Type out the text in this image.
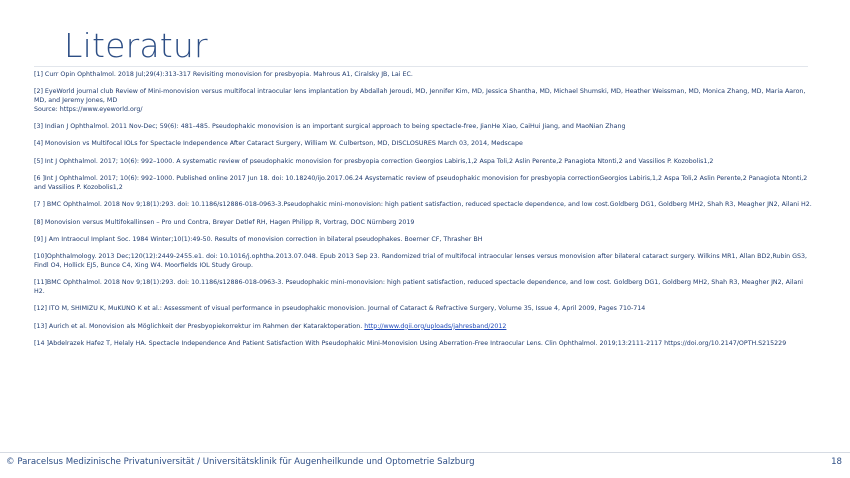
Literatur
[1] Curr Opin Ophthalmol. 2018 Jul;29(4):313-317 Revisiting monovision for presbyopia. Mahrous A1, Ciralsky JB, Lai EC.
[2] EyeWorld journal club Review of Mini-monovision versus multifocal intraocular lens implantation by Abdallah Jeroudi, MD, Jennifer Kim, MD, Jessica Shantha, MD, Michael Shumski, MD, Heather Weissman, MD, Monica Zhang, MD, Maria Aaron, MD, and Jeremy Jones, MD
Source: https://www.eyeworld.org/
[3] Indian J Ophthalmol. 2011 Nov-Dec; 59(6): 481–485. Pseudophakic monovision is an important surgical approach to being spectacle-free, JianHe Xiao, CaiHui Jiang, and MaoNian Zhang
[4] Monovision vs Multifocal IOLs for Spectacle Independence After Cataract Surgery, William W. Culbertson, MD, DISCLOSURES March 03, 2014, Medscape
[5] Int J Ophthalmol. 2017; 10(6): 992–1000. A systematic review of pseudophakic monovision for presbyopia correction Georgios Labiris,1,2 Aspa Toli,2 Aslin Perente,2 Panagiota Ntonti,2 and Vassilios P. Kozobolis1,2
[6 ]Int J Ophthalmol. 2017; 10(6): 992–1000. Published online 2017 Jun 18. doi: 10.18240/ijo.2017.06.24 Asystematic review of pseudophakic monovision for presbyopia correctionGeorgios Labiris,1,2 Aspa Toli,2 Aslin Perente,2 Panagiota Ntonti,2 and Vassilios P. Kozobolis1,2
[7 ] BMC Ophthalmol. 2018 Nov 9;18(1):293. doi: 10.1186/s12886-018-0963-3.Pseudophakic mini-monovision: high patient satisfaction, reduced spectacle dependence, and low cost.Goldberg DG1, Goldberg MH2, Shah R3, Meagher JN2, Ailani H2.
[8] Monovision versus Multifokallinsen – Pro und Contra, Breyer Detlef RH, Hagen Philipp R, Vortrag, DOC Nürnberg 2019
[9] J Am Intraocul Implant Soc. 1984 Winter;10(1):49-50. Results of monovision correction in bilateral pseudophakes. Boerner CF, Thrasher BH
[10]Ophthalmology. 2013 Dec;120(12):2449-2455.e1. doi: 10.1016/j.ophtha.2013.07.048. Epub 2013 Sep 23. Randomized trial of multifocal intraocular lenses versus monovision after bilateral cataract surgery. Wilkins MR1, Allan BD2,Rubin GS3, Findl O4, Hollick EJ5, Bunce C4, Xing W4. Moorfields IOL Study Group.
[11]BMC Ophthalmol. 2018 Nov 9;18(1):293. doi: 10.1186/s12886-018-0963-3. Pseudophakic mini-monovision: high patient satisfaction, reduced spectacle dependence, and low cost. Goldberg DG1, Goldberg MH2, Shah R3, Meagher JN2, Ailani H2.
[12] ITO M, SHIMIZU K, MuKUNO K et al.: Assessment of visual performance in pseudophakic monovision. Journal of Cataract & Refractive Surgery, Volume 35, Issue 4, April 2009, Pages 710-714
[13] Aurich et al. Monovision als Möglichkeit der Presbyopiekorrektur im Rahmen der Kataraktoperation. http://www.dgii.org/uploads/jahresband/2012
[14 ]Abdelrazek Hafez T, Helaly HA. Spectacle Independence And Patient Satisfaction With Pseudophakic Mini-Monovision Using Aberration-Free Intraocular Lens. Clin Ophthalmol. 2019;13:2111-2117 https://doi.org/10.2147/OPTH.S215229
© Paracelsus Medizinische Privatuniversität / Universitätsklinik für Augenheilkunde und Optometrie Salzburg	18
